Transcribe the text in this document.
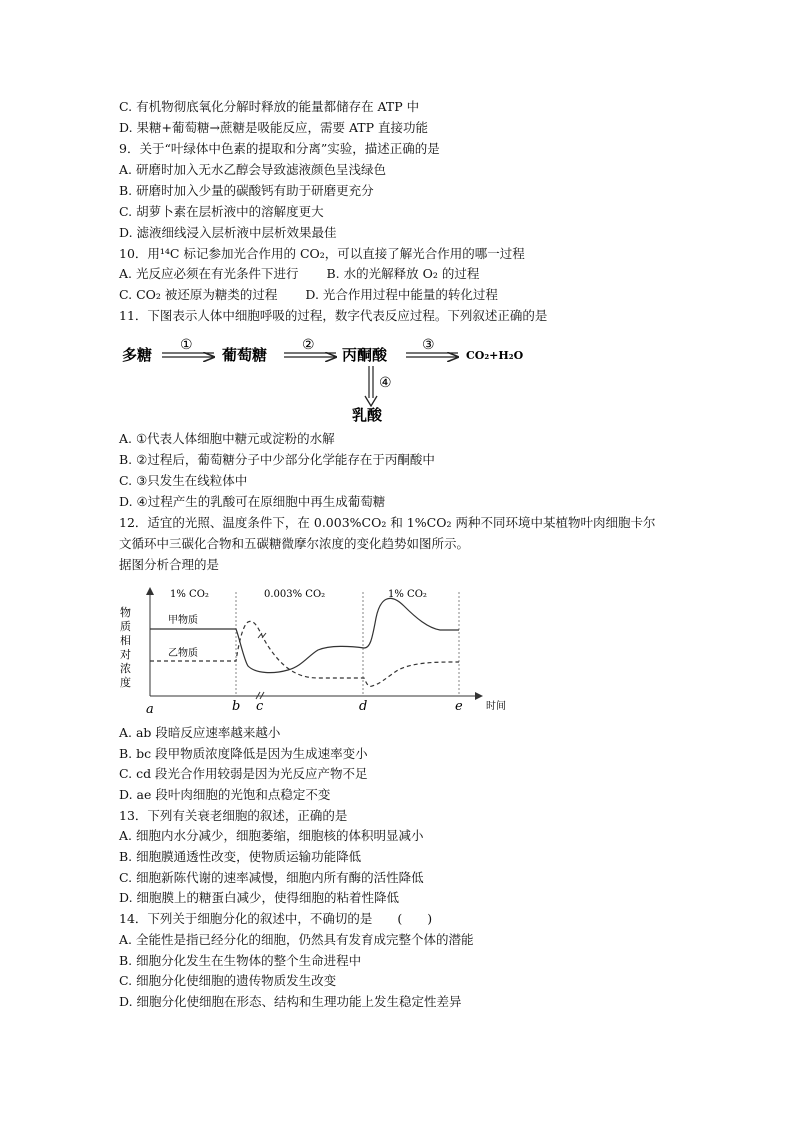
C. 有机物彻底氧化分解时释放的能量都储存在 ATP 中
D. 果糖+葡萄糖→蔗糖是吸能反应，需要 ATP 直接功能
9．关于“叶绿体中色素的提取和分离”实验，描述正确的是
A. 研磨时加入无水乙醇会导致滤液颜色呈浅绿色
B. 研磨时加入少量的碳酸钙有助于研磨更充分
C. 胡萝卜素在层析液中的溶解度更大
D. 滤液细线浸入层析液中层析效果最佳
10．用¹⁴C 标记参加光合作用的 CO₂，可以直接了解光合作用的哪一过程
A. 光反应必须在有光条件下进行 B. 水的光解释放 O₂ 的过程
C. CO₂ 被还原为糖类的过程 D. 光合作用过程中能量的转化过程
11．下图表示人体中细胞呼吸的过程，数字代表反应过程。下列叙述正确的是
多糖
①
葡萄糖
②
丙酮酸
③
CO₂+H₂O
④
乳酸
A. ①代表人体细胞中糖元或淀粉的水解
B. ②过程后，葡萄糖分子中少部分化学能存在于丙酮酸中
C. ③只发生在线粒体中
D. ④过程产生的乳酸可在原细胞中再生成葡萄糖
12．适宜的光照、温度条件下，在 0.003%CO₂ 和 1%CO₂ 两种不同环境中某植物叶肉细胞卡尔
文循环中三碳化合物和五碳糖微摩尔浓度的变化趋势如图所示。
据图分析合理的是
物
质
相
对
浓
度
时间
1% CO₂	0.003% CO₂	1% CO₂
甲物质
乙物质
a	b c	d	e
A. ab 段暗反应速率越来越小
B. bc 段甲物质浓度降低是因为生成速率变小
C. cd 段光合作用较弱是因为光反应产物不足
D. ae 段叶肉细胞的光饱和点稳定不变
13．下列有关衰老细胞的叙述，正确的是
A. 细胞内水分减少，细胞萎缩，细胞核的体积明显减小
B. 细胞膜通透性改变，使物质运输功能降低
C. 细胞新陈代谢的速率减慢，细胞内所有酶的活性降低
D. 细胞膜上的糖蛋白减少，使得细胞的粘着性降低
14．下列关于细胞分化的叙述中，不确切的是　　(　　)
A. 全能性是指已经分化的细胞，仍然具有发育成完整个体的潜能
B. 细胞分化发生在生物体的整个生命进程中
C. 细胞分化使细胞的遗传物质发生改变
D. 细胞分化使细胞在形态、结构和生理功能上发生稳定性差异
